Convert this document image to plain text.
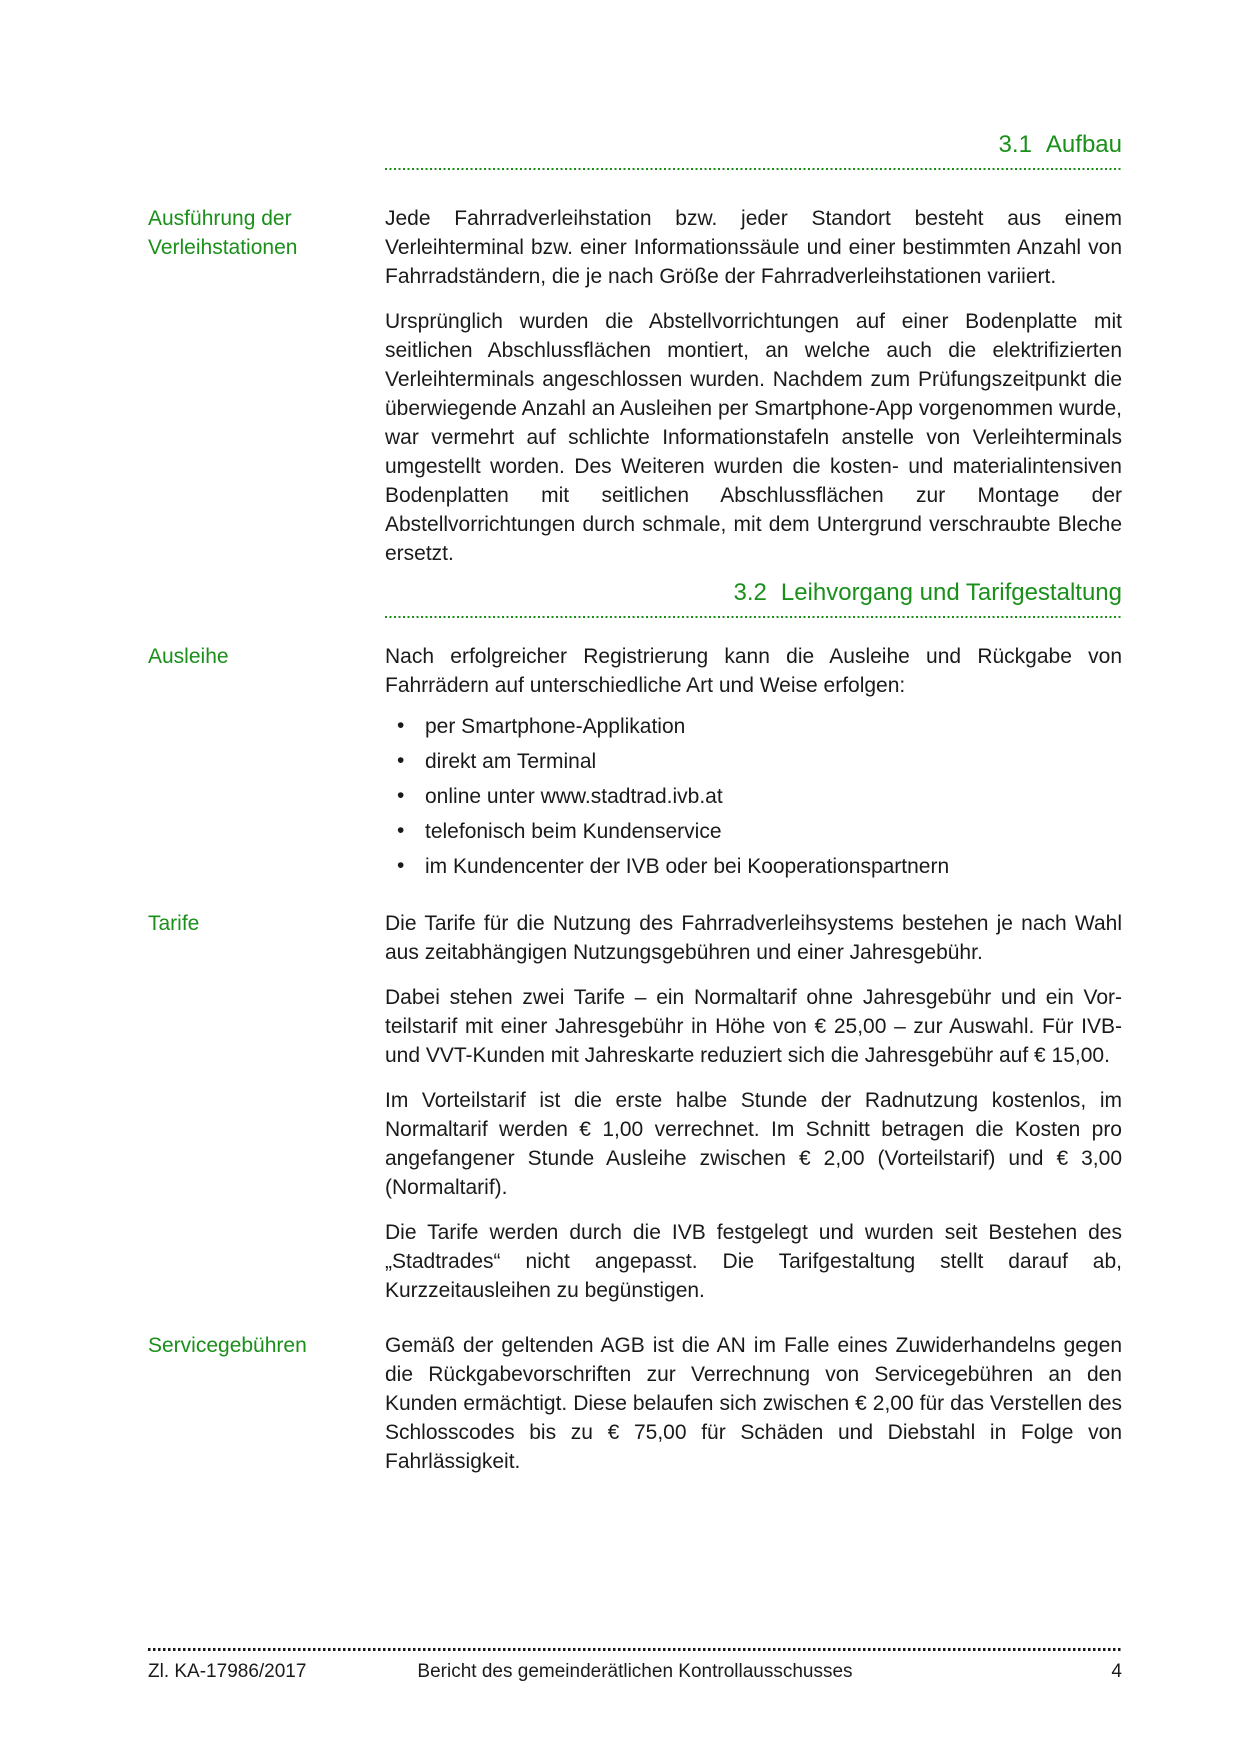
3.1 Aufbau
Ausführung der Verleihstationen

Jede Fahrradverleihstation bzw. jeder Standort besteht aus einem Verleihterminal bzw. einer Informationssäule und einer bestimmten Anzahl von Fahrradständern, die je nach Größe der Fahrradverleihstationen variiert.

Ursprünglich wurden die Abstellvorrichtungen auf einer Bodenplatte mit seitlichen Abschlussflächen montiert, an welche auch die elektrifizierten Verleihterminals angeschlossen wurden. Nachdem zum Prüfungszeitpunkt die überwiegende Anzahl an Ausleihen per Smartphone-App vorgenommen wurde, war vermehrt auf schlichte Informationstafeln anstelle von Verleihterminals umgestellt worden. Des Weiteren wurden die kosten- und materialintensiven Bodenplatten mit seitlichen Abschlussflächen zur Montage der Abstellvorrichtungen durch schmale, mit dem Untergrund verschraubte Bleche ersetzt.

3.2 Leihvorgang und Tarifgestaltung
Ausleihe	Nach erfolgreicher Registrierung kann die Ausleihe und Rückgabe von Fahrrädern auf unterschiedliche Art und Weise erfolgen:

• per Smartphone-Applikation
• direkt am Terminal
• online unter www.stadtrad.ivb.at
• telefonisch beim Kundenservice
• im Kundencenter der IVB oder bei Kooperationspartnern
Tarife	Die Tarife für die Nutzung des Fahrradverleihsystems bestehen je nach Wahl aus zeitabhängigen Nutzungsgebühren und einer Jahresgebühr.

Dabei stehen zwei Tarife – ein Normaltarif ohne Jahresgebühr und ein Vor-teilstarif mit einer Jahresgebühr in Höhe von € 25,00 – zur Auswahl. Für IVB- und VVT-Kunden mit Jahreskarte reduziert sich die Jahresgebühr auf € 15,00.

Im Vorteilstarif ist die erste halbe Stunde der Radnutzung kostenlos, im Normaltarif werden € 1,00 verrechnet. Im Schnitt betragen die Kosten pro angefangener Stunde Ausleihe zwischen € 2,00 (Vorteilstarif) und € 3,00 (Normaltarif).

Die Tarife werden durch die IVB festgelegt und wurden seit Bestehen des „Stadtrades“ nicht angepasst. Die Tarifgestaltung stellt darauf ab, Kurzzeitausleihen zu begünstigen.

Servicegebühren	Gemäß der geltenden AGB ist die AN im Falle eines Zuwiderhandelns gegen die Rückgabevorschriften zur Verrechnung von Servicegebühren an den Kunden ermächtigt. Diese belaufen sich zwischen € 2,00 für das Verstellen des Schlosscodes bis zu € 75,00 für Schäden und Diebstahl in Folge von Fahrlässigkeit.

Zl. KA-17986/2017	Bericht des gemeinderätlichen Kontrollausschusses	4
